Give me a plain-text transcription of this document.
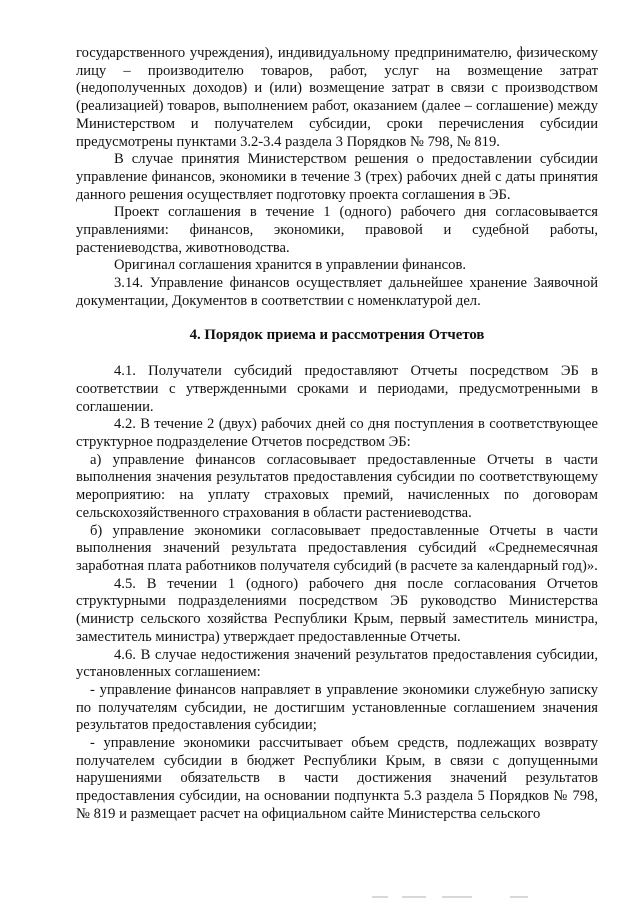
государственного учреждения), индивидуальному предпринимателю, физическому лицу – производителю товаров, работ, услуг на возмещение затрат (недополученных доходов) и (или) возмещение затрат в связи с производством (реализацией) товаров, выполнением работ, оказанием (далее – соглашение) между Министерством и получателем субсидии, сроки перечисления субсидии предусмотрены пунктами 3.2-3.4 раздела 3 Порядков № 798, № 819.

В случае принятия Министерством решения о предоставлении субсидии управление финансов, экономики в течение 3 (трех) рабочих дней с даты принятия данного решения осуществляет подготовку проекта соглашения в ЭБ.

Проект соглашения в течение 1 (одного) рабочего дня согласовывается управлениями: финансов, экономики, правовой и судебной работы, растениеводства, животноводства.

Оригинал соглашения хранится в управлении финансов.

3.14. Управление финансов осуществляет дальнейшее хранение Заявочной документации, Документов в соответствии с номенклатурой дел.

4. Порядок приема и рассмотрения Отчетов

4.1. Получатели субсидий предоставляют Отчеты посредством ЭБ в соответствии с утвержденными сроками и периодами, предусмотренными в соглашении.

4.2. В течение 2 (двух) рабочих дней со дня поступления в соответствующее структурное подразделение Отчетов посредством ЭБ:

а) управление финансов согласовывает предоставленные Отчеты в части выполнения значения результатов предоставления субсидии по соответствующему мероприятию: на уплату страховых премий, начисленных по договорам сельскохозяйственного страхования в области растениеводства.

б) управление экономики согласовывает предоставленные Отчеты в части выполнения значений результата предоставления субсидий «Среднемесячная заработная плата работников получателя субсидий (в расчете за календарный год)».

4.5. В течении 1 (одного) рабочего дня после согласования Отчетов структурными подразделениями посредством ЭБ руководство Министерства (министр сельского хозяйства Республики Крым, первый заместитель министра, заместитель министра) утверждает предоставленные Отчеты.

4.6. В случае недостижения значений результатов предоставления субсидии, установленных соглашением:

- управление финансов направляет в управление экономики служебную записку по получателям субсидии, не достигшим установленные соглашением значения результатов предоставления субсидии;

- управление экономики рассчитывает объем средств, подлежащих возврату получателем субсидии в бюджет Республики Крым, в связи с допущенными нарушениями обязательств в части достижения значений результатов предоставления субсидии, на основании подпункта 5.3 раздела 5 Порядков № 798, № 819 и размещает расчет на официальном сайте Министерства сельского
